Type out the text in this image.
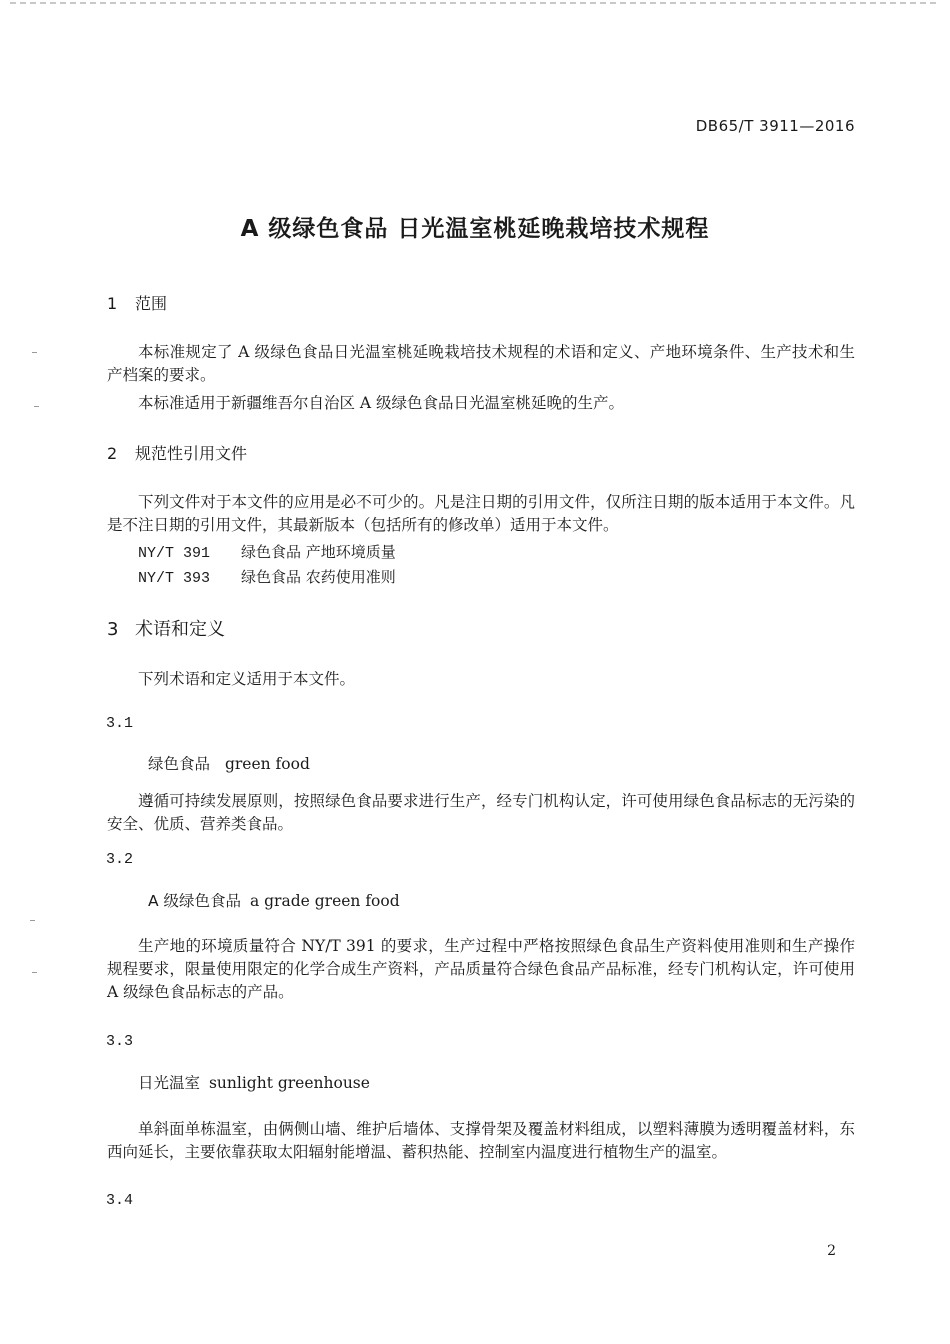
DB65/T 3911—2016

A 级绿色食品 日光温室桃延晚栽培技术规程
1 范围

本标准规定了 A 级绿色食品日光温室桃延晚栽培技术规程的术语和定义、产地环境条件、生产技术和生产档案的要求。

本标准适用于新疆维吾尔自治区 A 级绿色食品日光温室桃延晚的生产。

2 规范性引用文件

下列文件对于本文件的应用是必不可少的。凡是注日期的引用文件，仅所注日期的版本适用于本文件。凡是不注日期的引用文件，其最新版本（包括所有的修改单）适用于本文件。

NY/T 391 绿色食品 产地环境质量
NY/T 393 绿色食品 农药使用准则
3 术语和定义

下列术语和定义适用于本文件。

3.1

绿色食品 green food

遵循可持续发展原则，按照绿色食品要求进行生产，经专门机构认定，许可使用绿色食品标志的无污染的安全、优质、营养类食品。

3.2

A 级绿色食品 a grade green food

生产地的环境质量符合 NY/T 391 的要求，生产过程中严格按照绿色食品生产资料使用准则和生产操作规程要求，限量使用限定的化学合成生产资料，产品质量符合绿色食品产品标准，经专门机构认定，许可使用 A 级绿色食品标志的产品。

3.3

日光温室 sunlight greenhouse

单斜面单栋温室，由俩侧山墙、维护后墙体、支撑骨架及覆盖材料组成，以塑料薄膜为透明覆盖材料，东西向延长，主要依靠获取太阳辐射能增温、蓄积热能、控制室内温度进行植物生产的温室。

3.4

2
